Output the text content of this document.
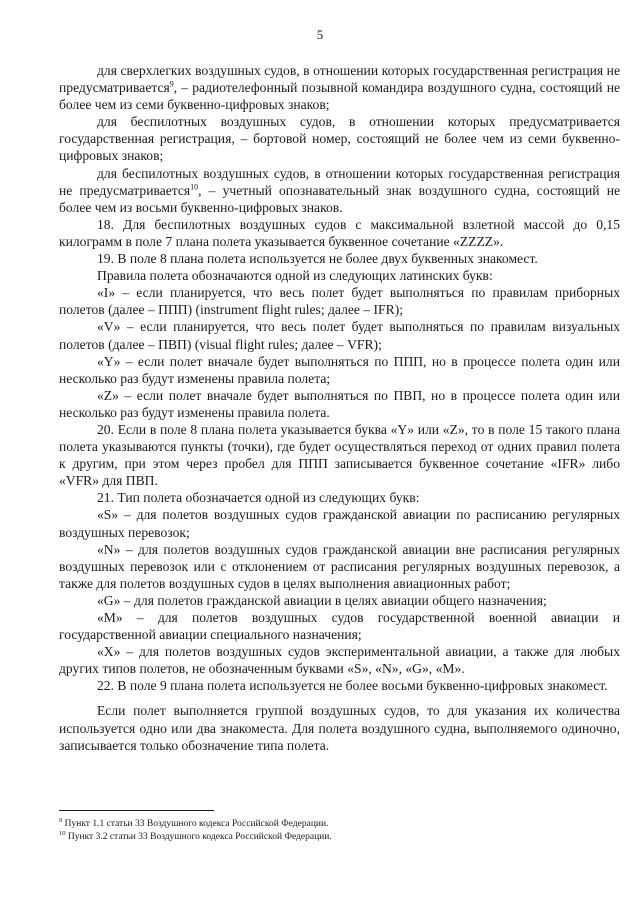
5

для сверхлегких воздушных судов, в отношении которых государственная регистрация не предусматривается$^9$, – радиотелефонный позывной командира воздушного судна, состоящий не более чем из семи буквенно-цифровых знаков;

для беспилотных воздушных судов, в отношении которых предусматривается государственная регистрация, – бортовой номер, состоящий не более чем из семи буквенно-цифровых знаков;

для беспилотных воздушных судов, в отношении которых государственная регистрация не предусматривается$^{10}$, – учетный опознавательный знак воздушного судна, состоящий не более чем из восьми буквенно-цифровых знаков.

18. Для беспилотных воздушных судов с максимальной взлетной массой до 0,15 килограмм в поле 7 плана полета указывается буквенное сочетание «ZZZZ».

19. В поле 8 плана полета используется не более двух буквенных знакомест.

Правила полета обозначаются одной из следующих латинских букв:

«I» – если планируется, что весь полет будет выполняться по правилам приборных полетов (далее – ППП) (instrument flight rules; далее – IFR);

«V» – если планируется, что весь полет будет выполняться по правилам визуальных полетов (далее – ПВП) (visual flight rules; далее – VFR);

«Y» – если полет вначале будет выполняться по ППП, но в процессе полета один или несколько раз будут изменены правила полета;

«Z» – если полет вначале будет выполняться по ПВП, но в процессе полета один или несколько раз будут изменены правила полета.

20. Если в поле 8 плана полета указывается буква «Y» или «Z», то в поле 15 такого плана полета указываются пункты (точки), где будет осуществляться переход от одних правил полета к другим, при этом через пробел для ППП записывается буквенное сочетание «IFR» либо «VFR» для ПВП.

21. Тип полета обозначается одной из следующих букв:

«S» – для полетов воздушных судов гражданской авиации по расписанию регулярных воздушных перевозок;

«N» – для полетов воздушных судов гражданской авиации вне расписания регулярных воздушных перевозок или с отклонением от расписания регулярных воздушных перевозок, а также для полетов воздушных судов в целях выполнения авиационных работ;

«G» – для полетов гражданской авиации в целях авиации общего назначения;

«M» – для полетов воздушных судов государственной военной авиации и государственной авиации специального назначения;

«X» – для полетов воздушных судов экспериментальной авиации, а также для любых других типов полетов, не обозначенным буквами «S», «N», «G», «M».

22. В поле 9 плана полета используется не более восьми буквенно-цифровых знакомест.

Если полет выполняется группой воздушных судов, то для указания их количества используется одно или два знакоместа. Для полета воздушного судна, выполняемого одиночно, записывается только обозначение типа полета.

$^9$ Пункт 1.1 статьи 33 Воздушного кодекса Российской Федерации.

$^{10}$ Пункт 3.2 статьи 33 Воздушного кодекса Российской Федерации.
